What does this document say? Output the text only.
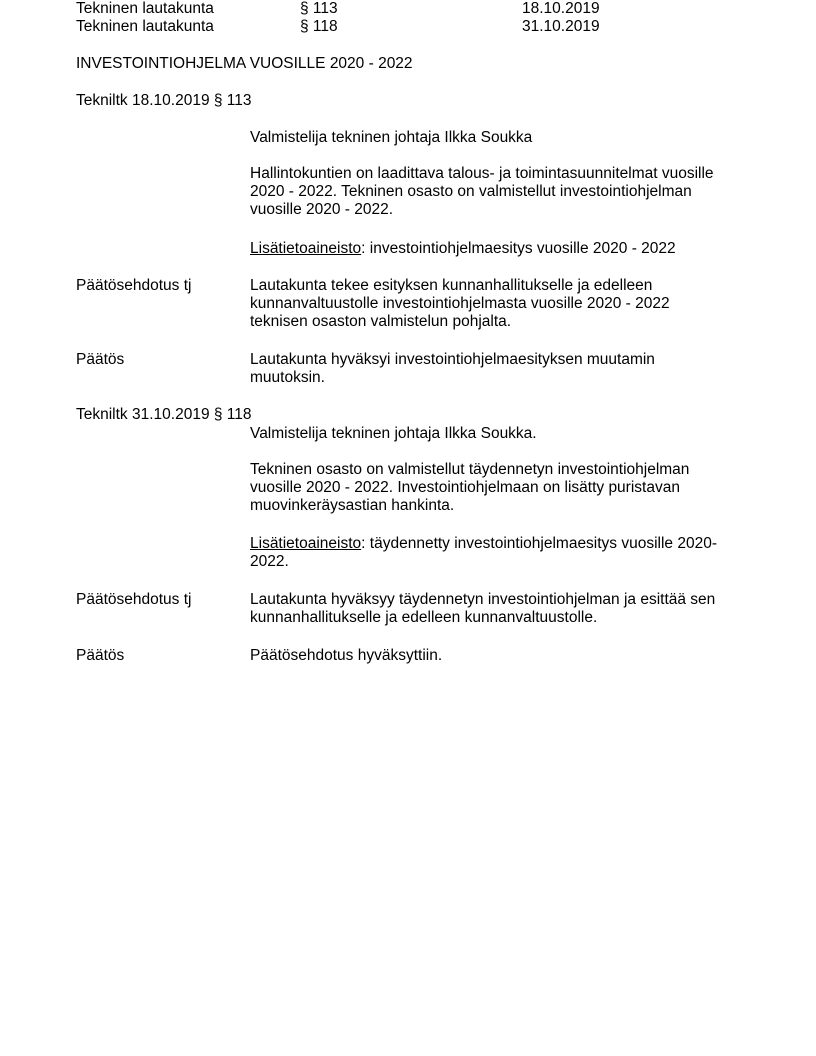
Tekninen lautakunta	§ 113	18.10.2019
Tekninen lautakunta	§ 118	31.10.2019
INVESTOINTIOHJELMA VUOSILLE 2020 - 2022
Tekniltk 18.10.2019 § 113
Valmistelija tekninen johtaja Ilkka Soukka
Hallintokuntien on laadittava talous- ja toimintasuunnitelmat vuosille
2020 - 2022. Tekninen osasto on valmistellut investointiohjelman
vuosille 2020 - 2022.
Lisätietoaineisto: investointiohjelmaesitys vuosille 2020 - 2022
Päätösehdotus tj	Lautakunta tekee esityksen kunnanhallitukselle ja edelleen
kunnanvaltuustolle investointiohjelmasta vuosille 2020 - 2022
teknisen osaston valmistelun pohjalta.
Päätös	Lautakunta hyväksyi investointiohjelmaesityksen muutamin
muutoksin.
Tekniltk 31.10.2019 § 118
Valmistelija tekninen johtaja Ilkka Soukka.
Tekninen osasto on valmistellut täydennetyn investointiohjelman
vuosille 2020 - 2022. Investointiohjelmaan on lisätty puristavan
muovinkeräysastian hankinta.
Lisätietoaineisto: täydennetty investointiohjelmaesitys vuosille 2020-
2022.
Päätösehdotus tj	Lautakunta hyväksyy täydennetyn investointiohjelman ja esittää sen
kunnanhallitukselle ja edelleen kunnanvaltuustolle.
Päätös	Päätösehdotus hyväksyttiin.
